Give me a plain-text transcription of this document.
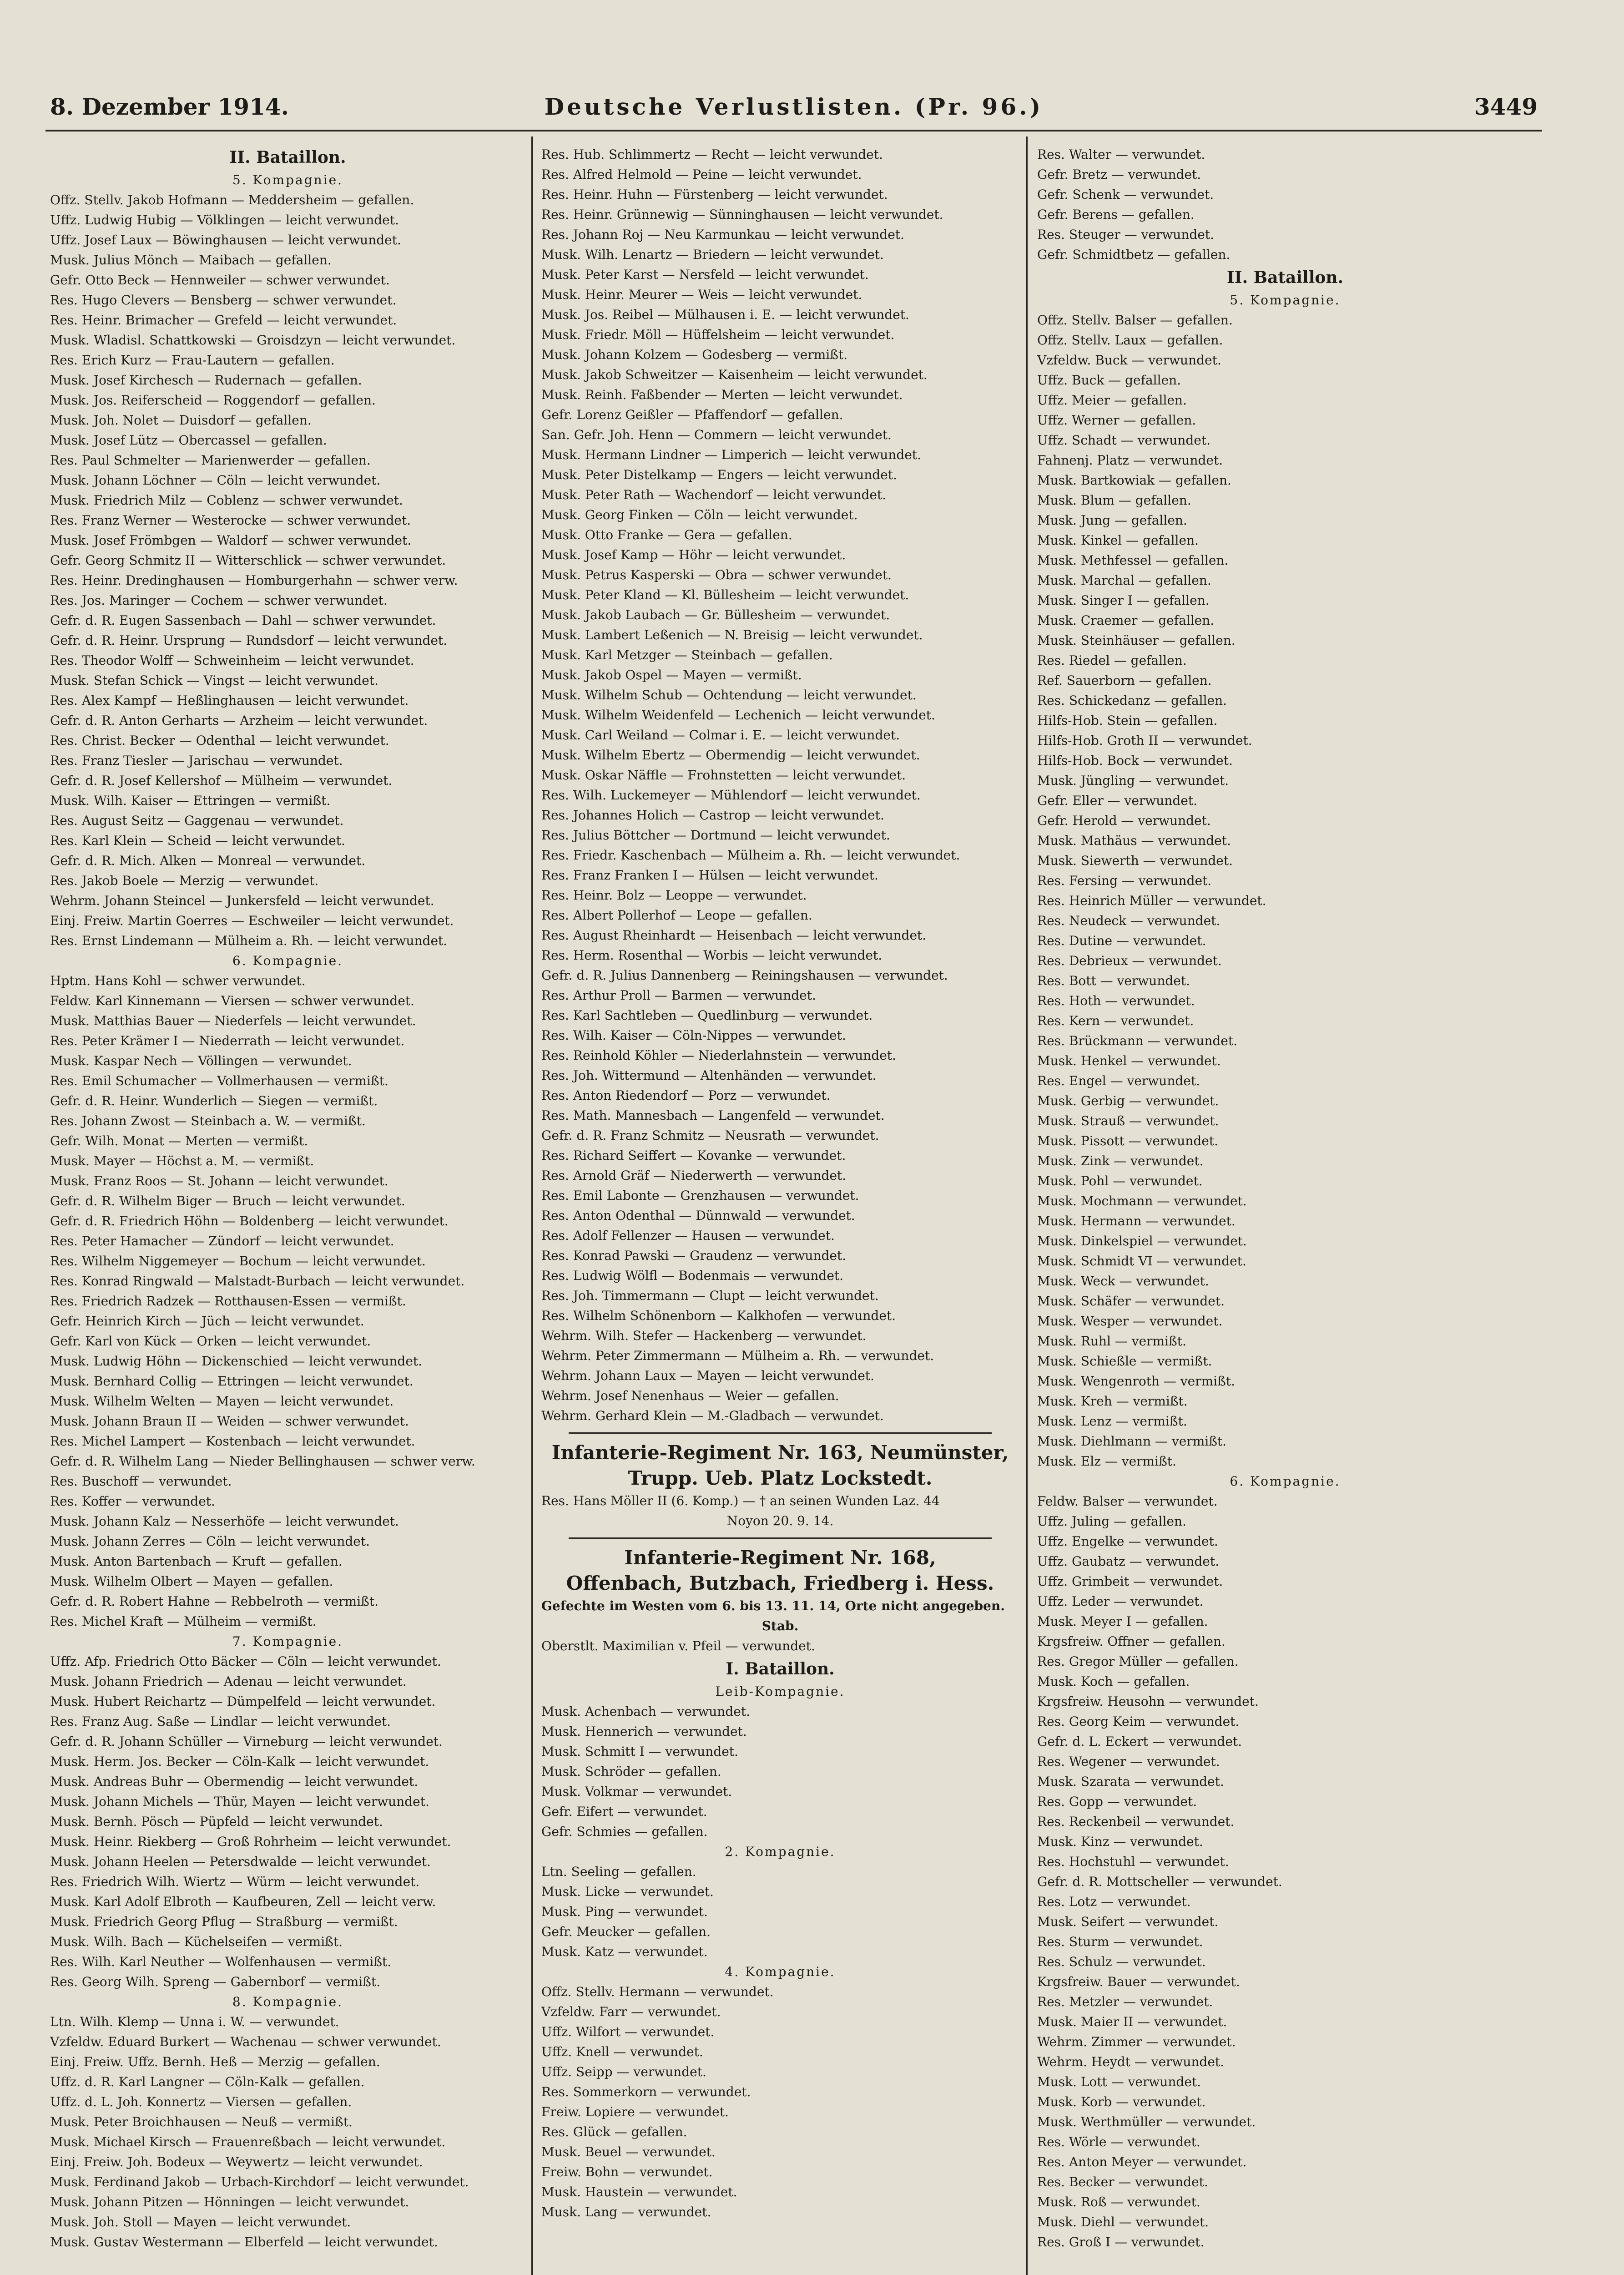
8. Dezember 1914.	Deutsche Verlustlisten. (Pr. 96.)	3449
II. Bataillon.
5. Kompagnie.
Offz. Stellv. Jakob Hofmann — Meddersheim — gefallen.
Uffz. Ludwig Hubig — Völklingen — leicht verwundet.
Uffz. Josef Laux — Böwinghausen — leicht verwundet.
Musk. Julius Mönch — Maibach — gefallen.
Gefr. Otto Beck — Hennweiler — schwer verwundet.
Res. Hugo Clevers — Bensberg — schwer verwundet.
Res. Heinr. Brimacher — Grefeld — leicht verwundet.
Musk. Wladisl. Schattkowski — Groisdzyn — leicht verwundet.
Res. Erich Kurz — Frau-Lautern — gefallen.
Musk. Josef Kirchesch — Rudernach — gefallen.
Musk. Jos. Reiferscheid — Roggendorf — gefallen.
Musk. Joh. Nolet — Duisdorf — gefallen.
Musk. Josef Lütz — Obercassel — gefallen.
Res. Paul Schmelter — Marienwerder — gefallen.
Musk. Johann Löchner — Cöln — leicht verwundet.
Musk. Friedrich Milz — Coblenz — schwer verwundet.
Res. Franz Werner — Westerocke — schwer verwundet.
Musk. Josef Frömbgen — Waldorf — schwer verwundet.
Gefr. Georg Schmitz II — Witterschlick — schwer verwundet.
Res. Heinr. Dredinghausen — Homburgerhahn — schwer verw.
Res. Jos. Maringer — Cochem — schwer verwundet.
Gefr. d. R. Eugen Sassenbach — Dahl — schwer verwundet.
Gefr. d. R. Heinr. Ursprung — Rundsdorf — leicht verwundet.
Res. Theodor Wolff — Schweinheim — leicht verwundet.
Musk. Stefan Schick — Vingst — leicht verwundet.
Res. Alex Kampf — Heßlinghausen — leicht verwundet.
Gefr. d. R. Anton Gerharts — Arzheim — leicht verwundet.
Res. Christ. Becker — Odenthal — leicht verwundet.
Res. Franz Tiesler — Jarischau — verwundet.
Gefr. d. R. Josef Kellershof — Mülheim — verwundet.
Musk. Wilh. Kaiser — Ettringen — vermißt.
Res. August Seitz — Gaggenau — verwundet.
Res. Karl Klein — Scheid — leicht verwundet.
Gefr. d. R. Mich. Alken — Monreal — verwundet.
Res. Jakob Boele — Merzig — verwundet.
Wehrm. Johann Steincel — Junkersfeld — leicht verwundet.
Einj. Freiw. Martin Goerres — Eschweiler — leicht verwundet.
Res. Ernst Lindemann — Mülheim a. Rh. — leicht verwundet.
6. Kompagnie.
Hptm. Hans Kohl — schwer verwundet.
Feldw. Karl Kinnemann — Viersen — schwer verwundet.
Musk. Matthias Bauer — Niederfels — leicht verwundet.
Res. Peter Krämer I — Niederrath — leicht verwundet.
Musk. Kaspar Nech — Völlingen — verwundet.
Res. Emil Schumacher — Vollmerhausen — vermißt.
Gefr. d. R. Heinr. Wunderlich — Siegen — vermißt.
Res. Johann Zwost — Steinbach a. W. — vermißt.
Gefr. Wilh. Monat — Merten — vermißt.
Musk. Mayer — Höchst a. M. — vermißt.
Musk. Franz Roos — St. Johann — leicht verwundet.
Gefr. d. R. Wilhelm Biger — Bruch — leicht verwundet.
Gefr. d. R. Friedrich Höhn — Boldenberg — leicht verwundet.
Res. Peter Hamacher — Zündorf — leicht verwundet.
Res. Wilhelm Niggemeyer — Bochum — leicht verwundet.
Res. Konrad Ringwald — Malstadt-Burbach — leicht verwundet.
Res. Friedrich Radzek — Rotthausen-Essen — vermißt.
Gefr. Heinrich Kirch — Jüch — leicht verwundet.
Gefr. Karl von Kück — Orken — leicht verwundet.
Musk. Ludwig Höhn — Dickenschied — leicht verwundet.
Musk. Bernhard Collig — Ettringen — leicht verwundet.
Musk. Wilhelm Welten — Mayen — leicht verwundet.
Musk. Johann Braun II — Weiden — schwer verwundet.
Res. Michel Lampert — Kostenbach — leicht verwundet.
Gefr. d. R. Wilhelm Lang — Nieder Bellinghausen — schwer verw.
Res. Buschoff — verwundet.
Res. Koffer — verwundet.
Musk. Johann Kalz — Nesserhöfe — leicht verwundet.
Musk. Johann Zerres — Cöln — leicht verwundet.
Musk. Anton Bartenbach — Kruft — gefallen.
Musk. Wilhelm Olbert — Mayen — gefallen.
Gefr. d. R. Robert Hahne — Rebbelroth — vermißt.
Res. Michel Kraft — Mülheim — vermißt.
7. Kompagnie.
Uffz. Afp. Friedrich Otto Bäcker — Cöln — leicht verwundet.
Musk. Johann Friedrich — Adenau — leicht verwundet.
Musk. Hubert Reichartz — Dümpelfeld — leicht verwundet.
Res. Franz Aug. Saße — Lindlar — leicht verwundet.
Gefr. d. R. Johann Schüller — Virneburg — leicht verwundet.
Musk. Herm. Jos. Becker — Cöln-Kalk — leicht verwundet.
Musk. Andreas Buhr — Obermendig — leicht verwundet.
Musk. Johann Michels — Thür, Mayen — leicht verwundet.
Musk. Bernh. Pösch — Püpfeld — leicht verwundet.
Musk. Heinr. Riekberg — Groß Rohrheim — leicht verwundet.
Musk. Johann Heelen — Petersdwalde — leicht verwundet.
Res. Friedrich Wilh. Wiertz — Würm — leicht verwundet.
Musk. Karl Adolf Elbroth — Kaufbeuren, Zell — leicht verw.
Musk. Friedrich Georg Pflug — Straßburg — vermißt.
Musk. Wilh. Bach — Küchelseifen — vermißt.
Res. Wilh. Karl Neuther — Wolfenhausen — vermißt.
Res. Georg Wilh. Spreng — Gabernborf — vermißt.
8. Kompagnie.
Ltn. Wilh. Klemp — Unna i. W. — verwundet.
Vzfeldw. Eduard Burkert — Wachenau — schwer verwundet.
Einj. Freiw. Uffz. Bernh. Heß — Merzig — gefallen.
Uffz. d. R. Karl Langner — Cöln-Kalk — gefallen.
Uffz. d. L. Joh. Konnertz — Viersen — gefallen.
Musk. Peter Broichhausen — Neuß — vermißt.
Musk. Michael Kirsch — Frauenreßbach — leicht verwundet.
Einj. Freiw. Joh. Bodeux — Weywertz — leicht verwundet.
Musk. Ferdinand Jakob — Urbach-Kirchdorf — leicht verwundet.
Musk. Johann Pitzen — Hönningen — leicht verwundet.
Musk. Joh. Stoll — Mayen — leicht verwundet.
Musk. Gustav Westermann — Elberfeld — leicht verwundet.
Res. Hub. Schlimmertz — Recht — leicht verwundet.
Res. Alfred Helmold — Peine — leicht verwundet.
Res. Heinr. Huhn — Fürstenberg — leicht verwundet.
Res. Heinr. Grünnewig — Sünninghausen — leicht verwundet.
Res. Johann Roj — Neu Karmunkau — leicht verwundet.
Musk. Wilh. Lenartz — Briedern — leicht verwundet.
Musk. Peter Karst — Nersfeld — leicht verwundet.
Musk. Heinr. Meurer — Weis — leicht verwundet.
Musk. Jos. Reibel — Mülhausen i. E. — leicht verwundet.
Musk. Friedr. Möll — Hüffelsheim — leicht verwundet.
Musk. Johann Kolzem — Godesberg — vermißt.
Musk. Jakob Schweitzer — Kaisenheim — leicht verwundet.
Musk. Reinh. Faßbender — Merten — leicht verwundet.
Gefr. Lorenz Geißler — Pfaffendorf — gefallen.
San. Gefr. Joh. Henn — Commern — leicht verwundet.
Musk. Hermann Lindner — Limperich — leicht verwundet.
Musk. Peter Distelkamp — Engers — leicht verwundet.
Musk. Peter Rath — Wachendorf — leicht verwundet.
Musk. Georg Finken — Cöln — leicht verwundet.
Musk. Otto Franke — Gera — gefallen.
Musk. Josef Kamp — Höhr — leicht verwundet.
Musk. Petrus Kasperski — Obra — schwer verwundet.
Musk. Peter Kland — Kl. Büllesheim — leicht verwundet.
Musk. Jakob Laubach — Gr. Büllesheim — verwundet.
Musk. Lambert Leßenich — N. Breisig — leicht verwundet.
Musk. Karl Metzger — Steinbach — gefallen.
Musk. Jakob Ospel — Mayen — vermißt.
Musk. Wilhelm Schub — Ochtendung — leicht verwundet.
Musk. Wilhelm Weidenfeld — Lechenich — leicht verwundet.
Musk. Carl Weiland — Colmar i. E. — leicht verwundet.
Musk. Wilhelm Ebertz — Obermendig — leicht verwundet.
Musk. Oskar Näffle — Frohnstetten — leicht verwundet.
Res. Wilh. Luckemeyer — Mühlendorf — leicht verwundet.
Res. Johannes Holich — Castrop — leicht verwundet.
Res. Julius Böttcher — Dortmund — leicht verwundet.
Res. Friedr. Kaschenbach — Mülheim a. Rh. — leicht verwundet.
Res. Franz Franken I — Hülsen — leicht verwundet.
Res. Heinr. Bolz — Leoppe — verwundet.
Res. Albert Pollerhof — Leope — gefallen.
Res. August Rheinhardt — Heisenbach — leicht verwundet.
Res. Herm. Rosenthal — Worbis — leicht verwundet.
Gefr. d. R. Julius Dannenberg — Reiningshausen — verwundet.
Res. Arthur Proll — Barmen — verwundet.
Res. Karl Sachtleben — Quedlinburg — verwundet.
Res. Wilh. Kaiser — Cöln-Nippes — verwundet.
Res. Reinhold Köhler — Niederlahnstein — verwundet.
Res. Joh. Wittermund — Altenhänden — verwundet.
Res. Anton Riedendorf — Porz — verwundet.
Res. Math. Mannesbach — Langenfeld — verwundet.
Gefr. d. R. Franz Schmitz — Neusrath — verwundet.
Res. Richard Seiffert — Kovanke — verwundet.
Res. Arnold Gräf — Niederwerth — verwundet.
Res. Emil Labonte — Grenzhausen — verwundet.
Res. Anton Odenthal — Dünnwald — verwundet.
Res. Adolf Fellenzer — Hausen — verwundet.
Res. Konrad Pawski — Graudenz — verwundet.
Res. Ludwig Wölfl — Bodenmais — verwundet.
Res. Joh. Timmermann — Clupt — leicht verwundet.
Res. Wilhelm Schönenborn — Kalkhofen — verwundet.
Wehrm. Wilh. Stefer — Hackenberg — verwundet.
Wehrm. Peter Zimmermann — Mülheim a. Rh. — verwundet.
Wehrm. Johann Laux — Mayen — leicht verwundet.
Wehrm. Josef Nenenhaus — Weier — gefallen.
Wehrm. Gerhard Klein — M.-Gladbach — verwundet.
Infanterie-Regiment Nr. 163, Neumünster,
Trupp. Ueb. Platz Lockstedt.
Res. Hans Möller II (6. Komp.) — † an seinen Wunden Laz. 44
Noyon 20. 9. 14.
Infanterie-Regiment Nr. 168,
Offenbach, Butzbach, Friedberg i. Hess.
Gefechte im Westen vom 6. bis 13. 11. 14, Orte nicht angegeben.
Stab.
Oberstlt. Maximilian v. Pfeil — verwundet.
I. Bataillon.
Leib-Kompagnie.
Musk. Achenbach — verwundet.
Musk. Hennerich — verwundet.
Musk. Schmitt I — verwundet.
Musk. Schröder — gefallen.
Musk. Volkmar — verwundet.
Gefr. Eifert — verwundet.
Gefr. Schmies — gefallen.
2. Kompagnie.
Ltn. Seeling — gefallen.
Musk. Licke — verwundet.
Musk. Ping — verwundet.
Gefr. Meucker — gefallen.
Musk. Katz — verwundet.
4. Kompagnie.
Offz. Stellv. Hermann — verwundet.
Vzfeldw. Farr — verwundet.
Uffz. Wilfort — verwundet.
Uffz. Knell — verwundet.
Uffz. Seipp — verwundet.
Res. Sommerkorn — verwundet.
Freiw. Lopiere — verwundet.
Res. Glück — gefallen.
Musk. Beuel — verwundet.
Freiw. Bohn — verwundet.
Musk. Haustein — verwundet.
Musk. Lang — verwundet.
Res. Walter — verwundet.
Gefr. Bretz — verwundet.
Gefr. Schenk — verwundet.
Gefr. Berens — gefallen.
Res. Steuger — verwundet.
Gefr. Schmidtbetz — gefallen.
II. Bataillon.
5. Kompagnie.
Offz. Stellv. Balser — gefallen.
Offz. Stellv. Laux — gefallen.
Vzfeldw. Buck — verwundet.
Uffz. Buck — gefallen.
Uffz. Meier — gefallen.
Uffz. Werner — gefallen.
Uffz. Schadt — verwundet.
Fahnenj. Platz — verwundet.
Musk. Bartkowiak — gefallen.
Musk. Blum — gefallen.
Musk. Jung — gefallen.
Musk. Kinkel — gefallen.
Musk. Methfessel — gefallen.
Musk. Marchal — gefallen.
Musk. Singer I — gefallen.
Musk. Craemer — gefallen.
Musk. Steinhäuser — gefallen.
Res. Riedel — gefallen.
Ref. Sauerborn — gefallen.
Res. Schickedanz — gefallen.
Hilfs-Hob. Stein — gefallen.
Hilfs-Hob. Groth II — verwundet.
Hilfs-Hob. Bock — verwundet.
Musk. Jüngling — verwundet.
Gefr. Eller — verwundet.
Gefr. Herold — verwundet.
Musk. Mathäus — verwundet.
Musk. Siewerth — verwundet.
Res. Fersing — verwundet.
Res. Heinrich Müller — verwundet.
Res. Neudeck — verwundet.
Res. Dutine — verwundet.
Res. Debrieux — verwundet.
Res. Bott — verwundet.
Res. Hoth — verwundet.
Res. Kern — verwundet.
Res. Brückmann — verwundet.
Musk. Henkel — verwundet.
Res. Engel — verwundet.
Musk. Gerbig — verwundet.
Musk. Strauß — verwundet.
Musk. Pissott — verwundet.
Musk. Zink — verwundet.
Musk. Pohl — verwundet.
Musk. Mochmann — verwundet.
Musk. Hermann — verwundet.
Musk. Dinkelspiel — verwundet.
Musk. Schmidt VI — verwundet.
Musk. Weck — verwundet.
Musk. Schäfer — verwundet.
Musk. Wesper — verwundet.
Musk. Ruhl — vermißt.
Musk. Schießle — vermißt.
Musk. Wengenroth — vermißt.
Musk. Kreh — vermißt.
Musk. Lenz — vermißt.
Musk. Diehlmann — vermißt.
Musk. Elz — vermißt.
6. Kompagnie.
Feldw. Balser — verwundet.
Uffz. Juling — gefallen.
Uffz. Engelke — verwundet.
Uffz. Gaubatz — verwundet.
Uffz. Grimbeit — verwundet.
Uffz. Leder — verwundet.
Musk. Meyer I — gefallen.
Krgsfreiw. Offner — gefallen.
Res. Gregor Müller — gefallen.
Musk. Koch — gefallen.
Krgsfreiw. Heusohn — verwundet.
Res. Georg Keim — verwundet.
Gefr. d. L. Eckert — verwundet.
Res. Wegener — verwundet.
Musk. Szarata — verwundet.
Res. Gopp — verwundet.
Res. Reckenbeil — verwundet.
Musk. Kinz — verwundet.
Res. Hochstuhl — verwundet.
Gefr. d. R. Mottscheller — verwundet.
Res. Lotz — verwundet.
Musk. Seifert — verwundet.
Res. Sturm — verwundet.
Res. Schulz — verwundet.
Krgsfreiw. Bauer — verwundet.
Res. Metzler — verwundet.
Musk. Maier II — verwundet.
Wehrm. Zimmer — verwundet.
Wehrm. Heydt — verwundet.
Musk. Lott — verwundet.
Musk. Korb — verwundet.
Musk. Werthmüller — verwundet.
Res. Wörle — verwundet.
Res. Anton Meyer — verwundet.
Res. Becker — verwundet.
Musk. Roß — verwundet.
Musk. Diehl — verwundet.
Res. Groß I — verwundet.
